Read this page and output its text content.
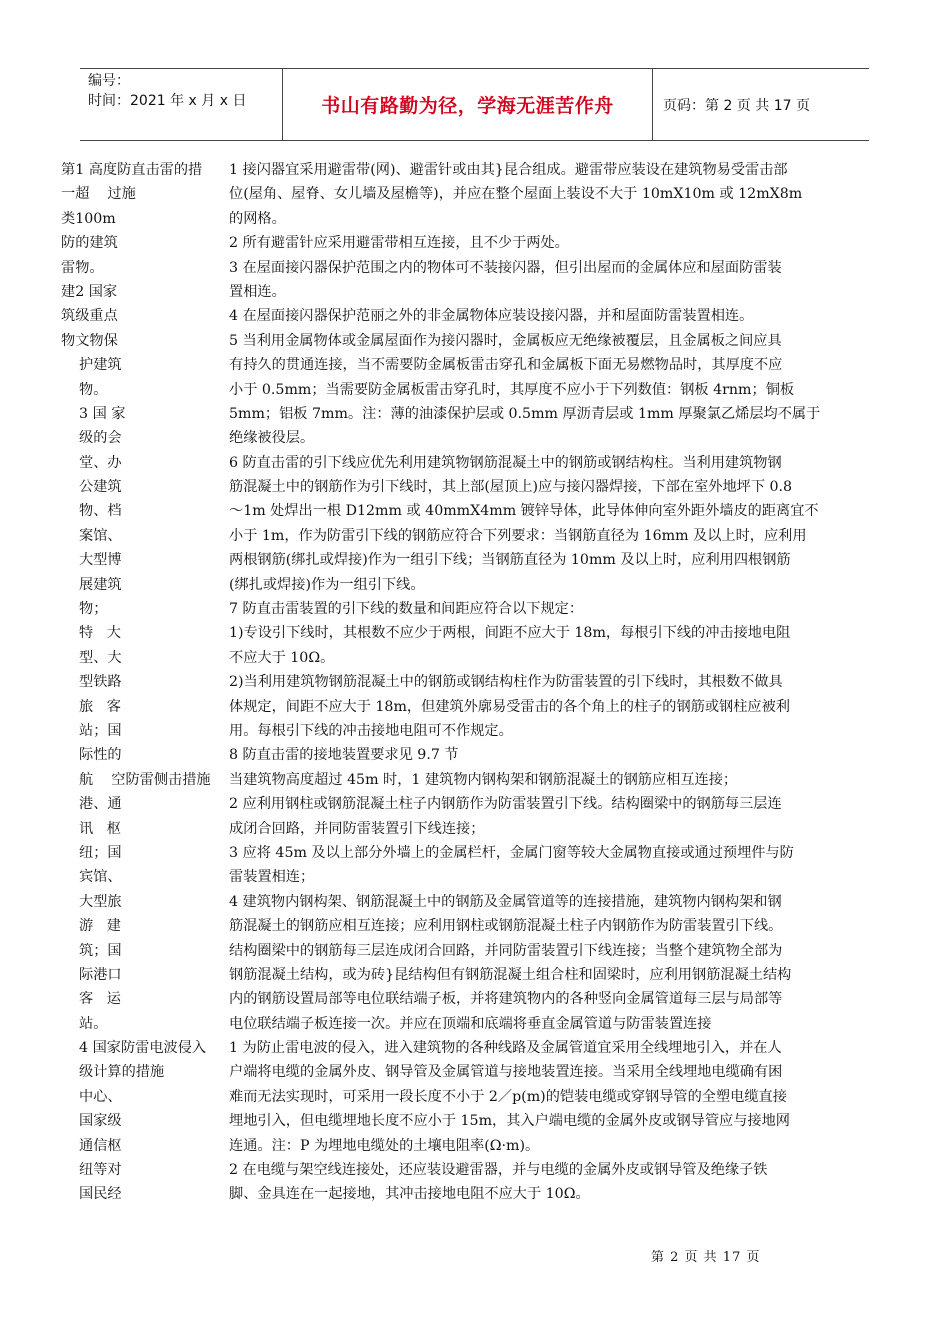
编号：
时间：2021 年 x 月 x 日	书山有路勤为径，学海无涯苦作舟	页码：第 2 页 共 17 页
第1 高度防直击雷的措
一超    过施
类100m
防的建筑
雷物。
建2 国家
筑级重点
物文物保
护建筑
物。
3 国 家
级的会
堂、办
公建筑
物、档
案馆、
大型博
展建筑
物；
特   大
型、大
型铁路
旅   客
站；国
际性的
航    空防雷侧击措施
港、通
讯   枢
纽；国
宾馆、
大型旅
游   建
筑；国
际港口
客   运
站。
4 国家防雷电波侵入
级计算的措施
中心、
国家级
通信枢
纽等对
国民经
1 接闪器宜采用避雷带(网)、避雷针或由其}昆合组成。避雷带应装设在建筑物易受雷击部
位(屋角、屋脊、女儿墙及屋檐等)，并应在整个屋面上装设不大于 10mX10m 或 12mX8m
的网格。
2 所有避雷针应采用避雷带相互连接，且不少于两处。
3 在屋面接闪器保护范围之内的物体可不装接闪器，但引出屋而的金属体应和屋面防雷装
置相连。
4 在屋面接闪器保护范丽之外的非金属物体应装设接闪器，并和屋面防雷装置相连。
5 当利用金属物体或金属屋面作为接闪器时，金属板应无绝缘被覆层，且金属板之间应具
有持久的贯通连接，当不需要防金属板雷击穿孔和金属板下面无易燃物品时，其厚度不应
小于 0.5mm；当需要防金属板雷击穿孔时，其厚度不应小于下列数值：钢板 4rnm；铜板
5mm；铝板 7mm。注：薄的油漆保护层或 0.5mm 厚沥青层或 1mm 厚聚氯乙烯层均不属于
绝缘被役层。
6 防直击雷的引下线应优先利用建筑物钢筋混凝土中的钢筋或钢结构柱。当利用建筑物钢
筋混凝土中的钢筋作为引下线时，其上部(屋顶上)应与接闪器焊接，下部在室外地坪下 0.8
～1m 处焊出一根 D12mm 或 40mmX4mm 镀锌导体，此导体伸向室外距外墙皮的距离宜不
小于 1m，作为防雷引下线的钢筋应符合下列要求：当钢筋直径为 16mm 及以上时，应利用
两根钢筋(绑扎或焊接)作为一组引下线；当钢筋直径为 10mm 及以上时，应利用四根钢筋
(绑扎或焊接)作为一组引下线。
7 防直击雷装置的引下线的数量和间距应符合以下规定：
1)专设引下线时，其根数不应少于两根，间距不应大于 18m，每根引下线的冲击接地电阻
不应大于 10Ω。
2)当利用建筑物钢筋混凝土中的钢筋或钢结构柱作为防雷装置的引下线时，其根数不做具
体规定，间距不应大于 18m，但建筑外廓易受雷击的各个角上的柱子的钢筋或钢柱应被利
用。每根引下线的冲击接地电阻可不作规定。
8 防直击雷的接地装置要求见 9.7 节
当建筑物高度超过 45m 时，1 建筑物内钢构架和钢筋混凝土的钢筋应相互连接；
2 应利用钢柱或钢筋混凝土柱子内钢筋作为防雷装置引下线。结构圈梁中的钢筋每三层连
成闭合回路，并同防雷装置引下线连接；
3 应将 45m 及以上部分外墙上的金属栏杆，金属门窗等较大金属物直接或通过预埋件与防
雷装置相连；
4 建筑物内钢构架、钢筋混凝土中的钢筋及金属管道等的连接措施，建筑物内钢构架和钢
筋混凝土的钢筋应相互连接；应利用钢柱或钢筋混凝土柱子内钢筋作为防雷装置引下线。
结构圈梁中的钢筋每三层连成闭合回路，并同防雷装置引下线连接；当整个建筑物全部为
钢筋混凝土结构，或为砖}昆结构但有钢筋混凝土组合柱和固梁时，应利用钢筋混凝土结构
内的钢筋设置局部等电位联结端子板，并将建筑物内的各种竖向金属管道每三层与局部等
电位联结端子板连接一次。并应在顶端和底端将垂直金属管道与防雷装置连接
1 为防止雷电波的侵入，进入建筑物的各种线路及金属管道宜采用全线埋地引入，并在人
户端将电缆的金属外皮、钢导管及金属管道与接地装置连接。当采用全线埋地电缆确有困
难而无法实现时，可采用一段长度不小于 2／p(m)的铠装电缆或穿钢导管的全塑电缆直接
埋地引入，但电缆埋地长度不应小于 15m，其入户端电缆的金属外皮或钢导管应与接地网
连通。注：P 为埋地电缆处的土壤电阻率(Ω·m)。
2 在电缆与架空线连接处，还应装设避雷器，并与电缆的金属外皮或钢导管及绝缘子铁
脚、金具连在一起接地，其冲击接地电阻不应大于 10Ω。
第 2 页 共 17 页
